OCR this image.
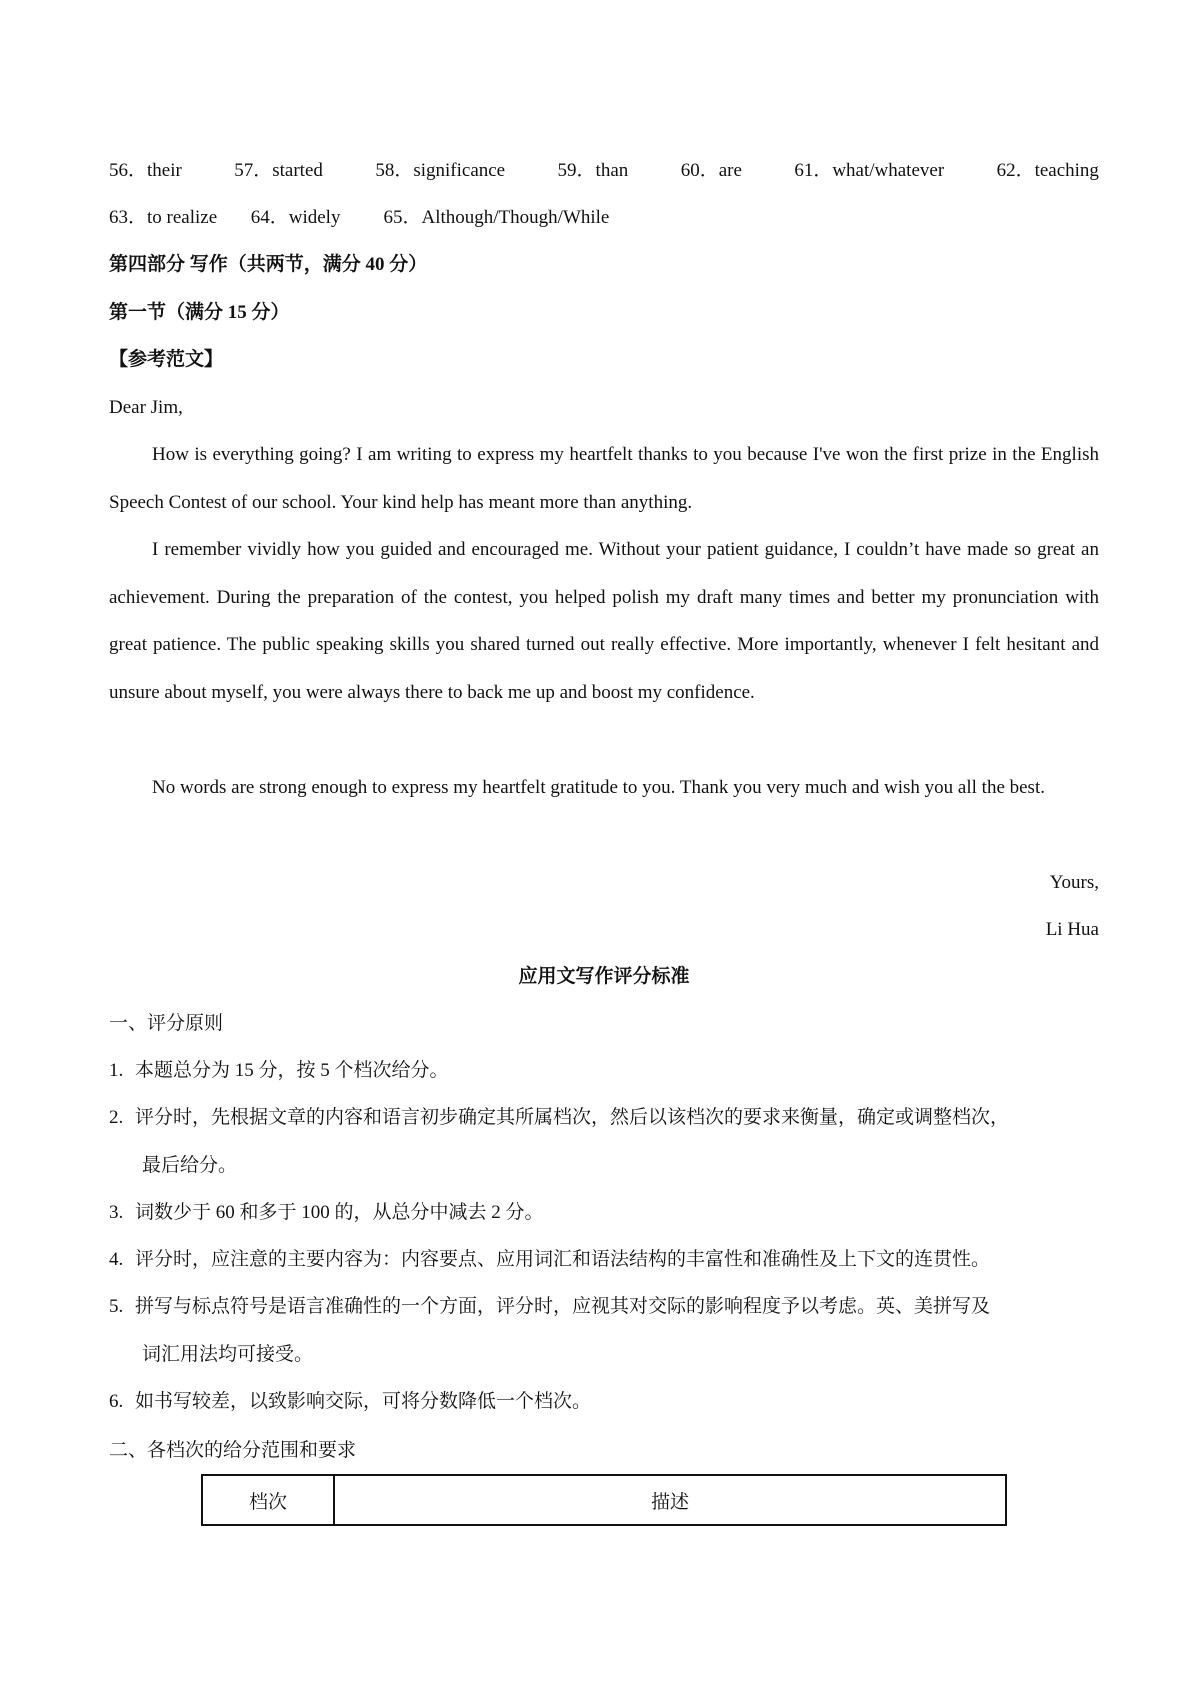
56．their	57．started	58．significance	59．than	60．are	61．what/whatever	62．teaching
63．to realize 64．widely 65．Although/Though/While
第四部分 写作（共两节，满分 40 分）
第一节（满分 15 分）
【参考范文】
Dear Jim,
How is everything going? I am writing to express my heartfelt thanks to you because I've won the first prize in the English Speech Contest of our school. Your kind help has meant more than anything.
I remember vividly how you guided and encouraged me. Without your patient guidance, I couldn’t have made so great an achievement. During the preparation of the contest, you helped polish my draft many times and better my pronunciation with great patience. The public speaking skills you shared turned out really effective. More importantly, whenever I felt hesitant and unsure about myself, you were always there to back me up and boost my confidence.
No words are strong enough to express my heartfelt gratitude to you. Thank you very much and wish you all the best.
Yours,
Li Hua
应用文写作评分标准
一、评分原则
1. 本题总分为 15 分，按 5 个档次给分。
2. 评分时，先根据文章的内容和语言初步确定其所属档次，然后以该档次的要求来衡量，确定或调整档次，
最后给分。
3. 词数少于 60 和多于 100 的，从总分中减去 2 分。
4. 评分时，应注意的主要内容为：内容要点、应用词汇和语法结构的丰富性和准确性及上下文的连贯性。
5. 拼写与标点符号是语言准确性的一个方面，评分时，应视其对交际的影响程度予以考虑。英、美拼写及
词汇用法均可接受。
6. 如书写较差，以致影响交际，可将分数降低一个档次。
二、各档次的给分范围和要求
档次	描述
